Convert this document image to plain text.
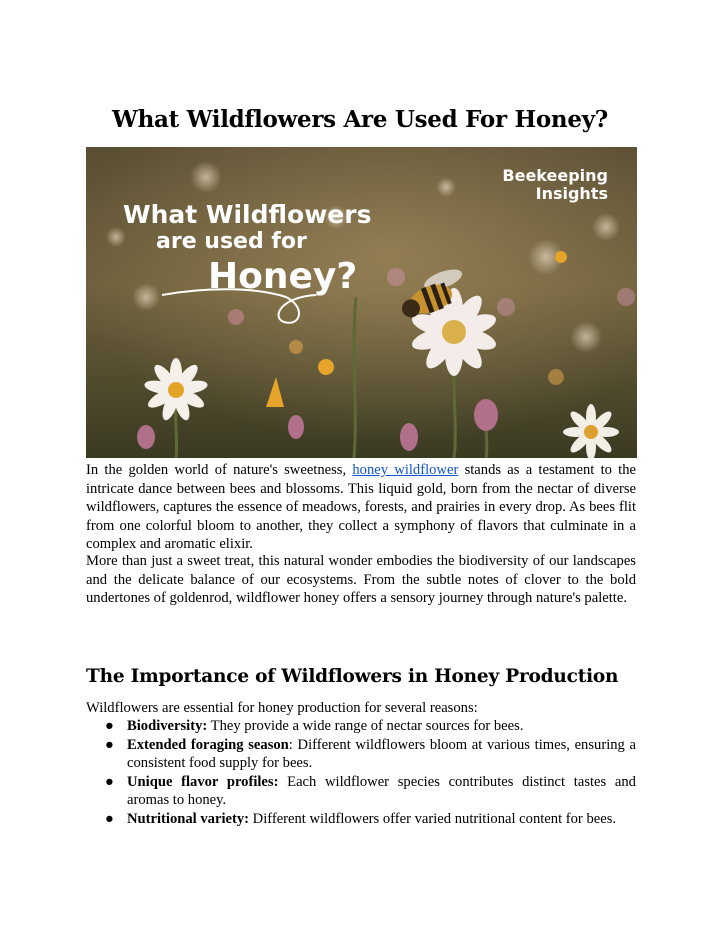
What Wildflowers Are Used For Honey?
What Wildflowers
are used for
Honey?
Beekeeping
Insights

In the golden world of nature's sweetness, honey wildflower stands as a testament to the intricate dance between bees and blossoms. This liquid gold, born from the nectar of diverse wildflowers, captures the essence of meadows, forests, and prairies in every drop. As bees flit from one colorful bloom to another, they collect a symphony of flavors that culminate in a complex and aromatic elixir.

More than just a sweet treat, this natural wonder embodies the biodiversity of our landscapes and the delicate balance of our ecosystems. From the subtle notes of clover to the bold undertones of goldenrod, wildflower honey offers a sensory journey through nature's palette.

The Importance of Wildflowers in Honey Production

Wildflowers are essential for honey production for several reasons:

● Biodiversity: They provide a wide range of nectar sources for bees.
● Extended foraging season: Different wildflowers bloom at various times, ensuring a consistent food supply for bees.
● Unique flavor profiles: Each wildflower species contributes distinct tastes and aromas to honey.
● Nutritional variety: Different wildflowers offer varied nutritional content for bees.
